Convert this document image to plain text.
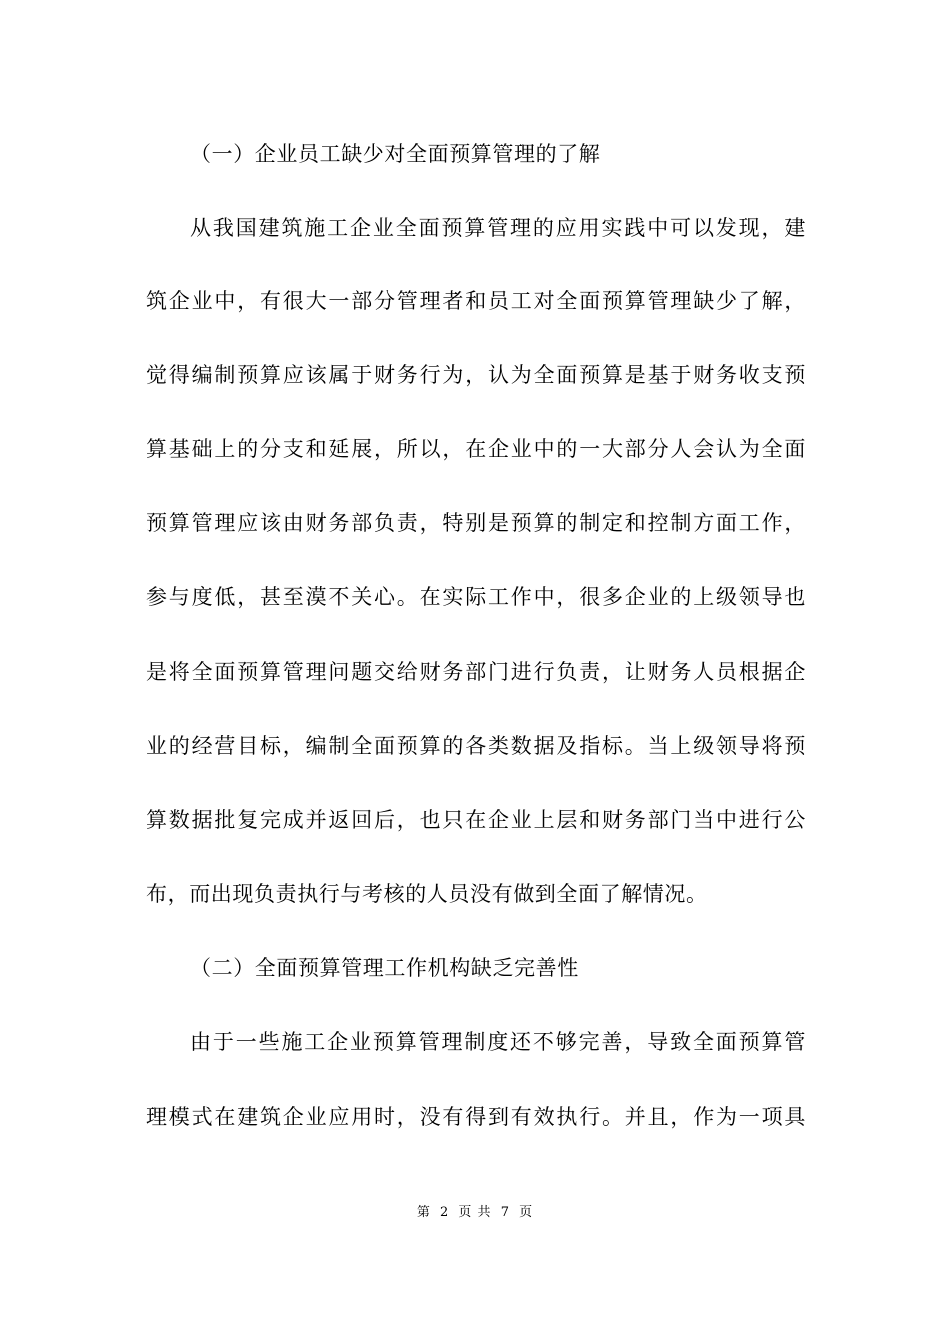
（一）企业员工缺少对全面预算管理的了解
从我国建筑施工企业全面预算管理的应用实践中可以发现，建
筑企业中，有很大一部分管理者和员工对全面预算管理缺少了解，
觉得编制预算应该属于财务行为，认为全面预算是基于财务收支预
算基础上的分支和延展，所以，在企业中的一大部分人会认为全面
预算管理应该由财务部负责，特别是预算的制定和控制方面工作，
参与度低，甚至漠不关心。在实际工作中，很多企业的上级领导也
是将全面预算管理问题交给财务部门进行负责，让财务人员根据企
业的经营目标，编制全面预算的各类数据及指标。当上级领导将预
算数据批复完成并返回后，也只在企业上层和财务部门当中进行公
布，而出现负责执行与考核的人员没有做到全面了解情况。
（二）全面预算管理工作机构缺乏完善性
由于一些施工企业预算管理制度还不够完善，导致全面预算管
理模式在建筑企业应用时，没有得到有效执行。并且，作为一项具
第 2 页 共 7 页
